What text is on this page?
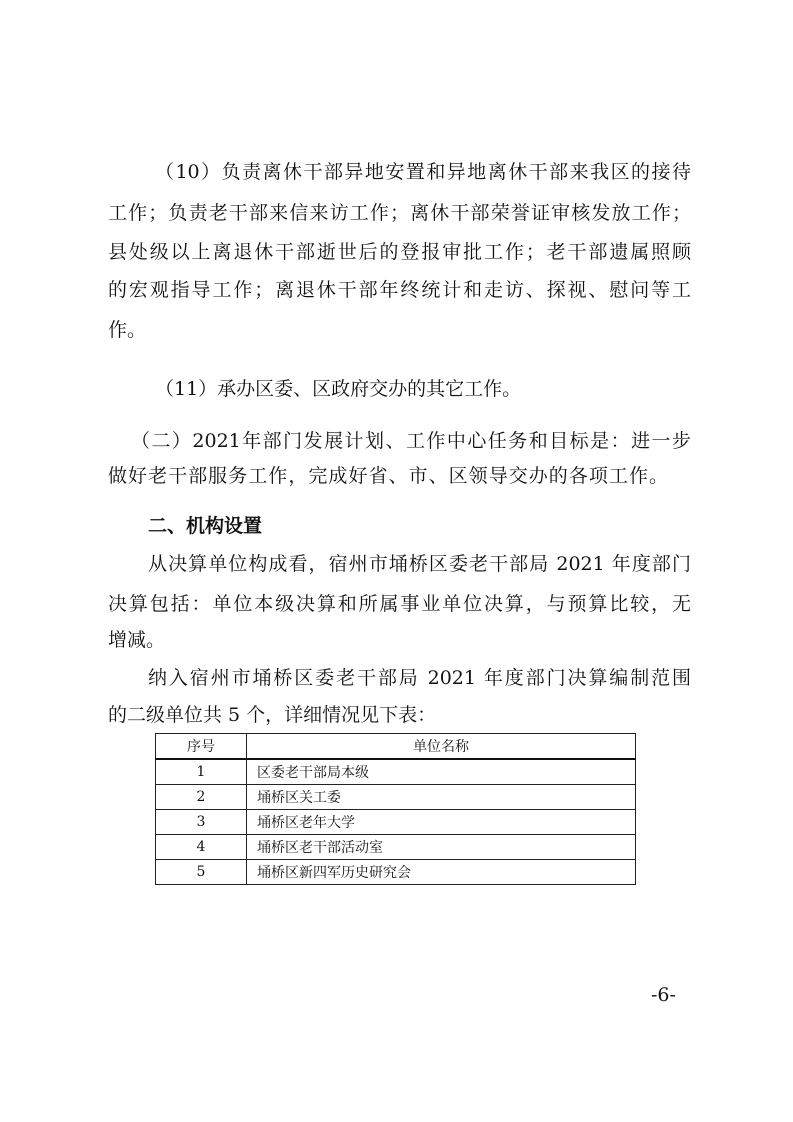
（10）负责离休干部异地安置和异地离休干部来我区的接待
工作；负责老干部来信来访工作；离休干部荣誉证审核发放工作；
县处级以上离退休干部逝世后的登报审批工作；老干部遗属照顾
的宏观指导工作；离退休干部年终统计和走访、探视、慰问等工
作。
（11）承办区委、区政府交办的其它工作。
（二）2021年部门发展计划、工作中心任务和目标是：进一步
做好老干部服务工作，完成好省、市、区领导交办的各项工作。
二、机构设置
从决算单位构成看，宿州市埇桥区委老干部局 2021 年度部门
决算包括：单位本级决算和所属事业单位决算，与预算比较，无
增减。
纳入宿州市埇桥区委老干部局 2021 年度部门决算编制范围
的二级单位共 5 个，详细情况见下表：
序号	单位名称
1	区委老干部局本级
2	埇桥区关工委
3	埇桥区老年大学
4	埇桥区老干部活动室
5	埇桥区新四军历史研究会
-6-
